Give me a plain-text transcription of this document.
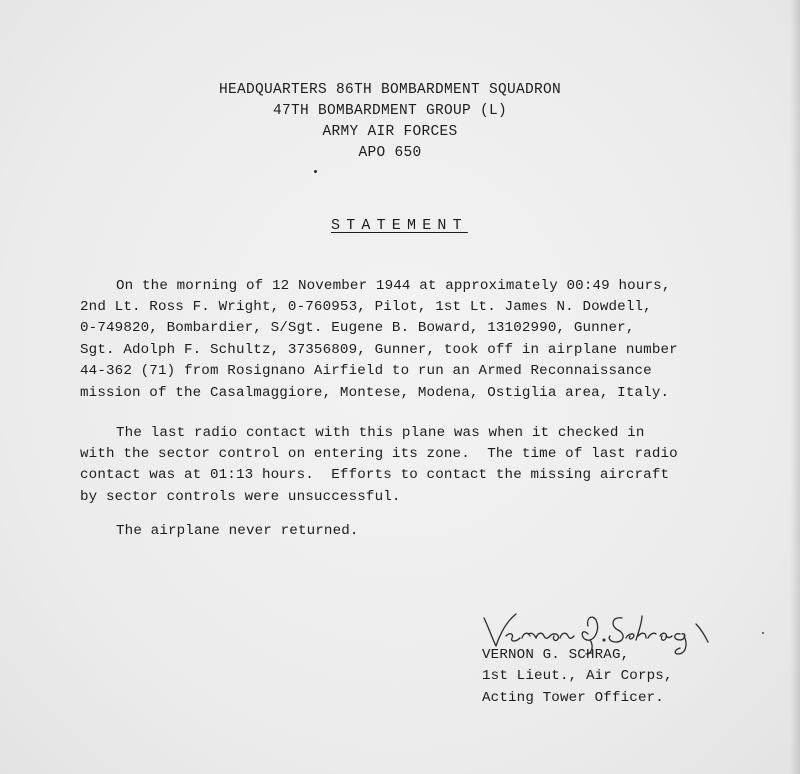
HEADQUARTERS 86TH BOMBARDMENT SQUADRON
47TH BOMBARDMENT GROUP (L)
ARMY AIR FORCES
APO 650
STATEMENT
On the morning of 12 November 1944 at approximately 00:49 hours,
2nd Lt. Ross F. Wright, 0-760953, Pilot, 1st Lt. James N. Dowdell,
0-749820, Bombardier, S/Sgt. Eugene B. Boward, 13102990, Gunner,
Sgt. Adolph F. Schultz, 37356809, Gunner, took off in airplane number
44-362 (71) from Rosignano Airfield to run an Armed Reconnaissance
mission of the Casalmaggiore, Montese, Modena, Ostiglia area, Italy.
The last radio contact with this plane was when it checked in
with the sector control on entering its zone.  The time of last radio
contact was at 01:13 hours.  Efforts to contact the missing aircraft
by sector controls were unsuccessful.
The airplane never returned.
VERNON G. SCHRAG,
1st Lieut., Air Corps,
Acting Tower Officer.
